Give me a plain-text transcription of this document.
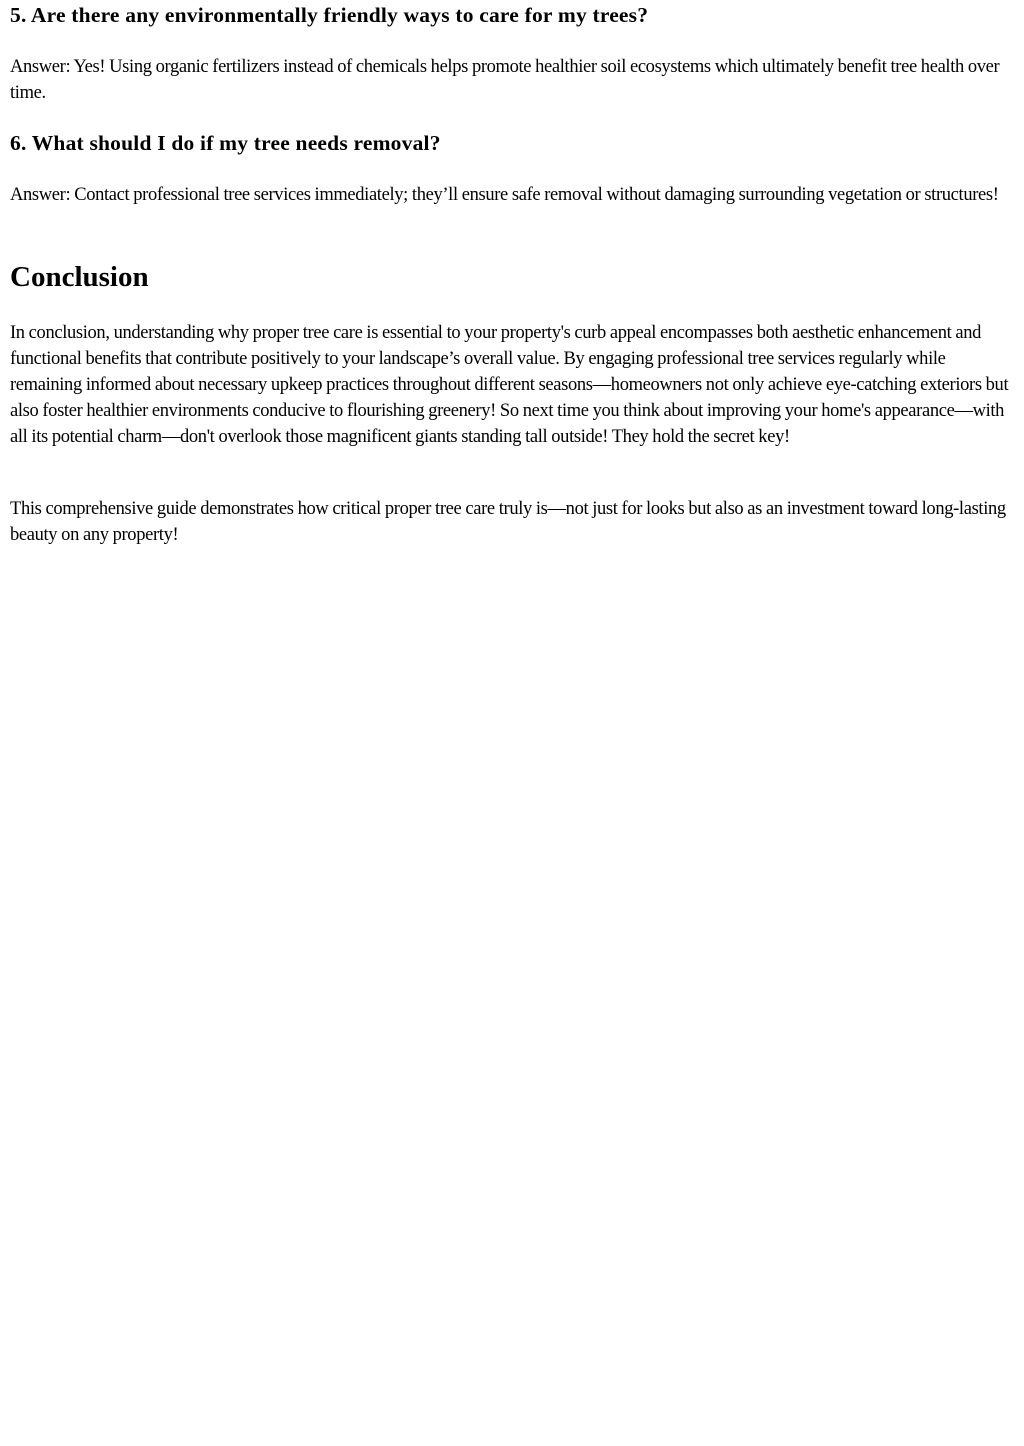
5. Are there any environmentally friendly ways to care for my trees?

Answer: Yes! Using organic fertilizers instead of chemicals helps promote healthier soil ecosystems which ultimately benefit tree health over time.

6. What should I do if my tree needs removal?

Answer: Contact professional tree services immediately; they’ll ensure safe removal without damaging surrounding vegetation or structures!

Conclusion

In conclusion, understanding why proper tree care is essential to your property's curb appeal encompasses both aesthetic enhancement and functional benefits that contribute positively to your landscape’s overall value. By engaging professional tree services regularly while remaining informed about necessary upkeep practices throughout different seasons—homeowners not only achieve eye-catching exteriors but also foster healthier environments conducive to flourishing greenery! So next time you think about improving your home's appearance—with all its potential charm—don't overlook those magnificent giants standing tall outside! They hold the secret key!

This comprehensive guide demonstrates how critical proper tree care truly is—not just for looks but also as an investment toward long-lasting beauty on any property!
